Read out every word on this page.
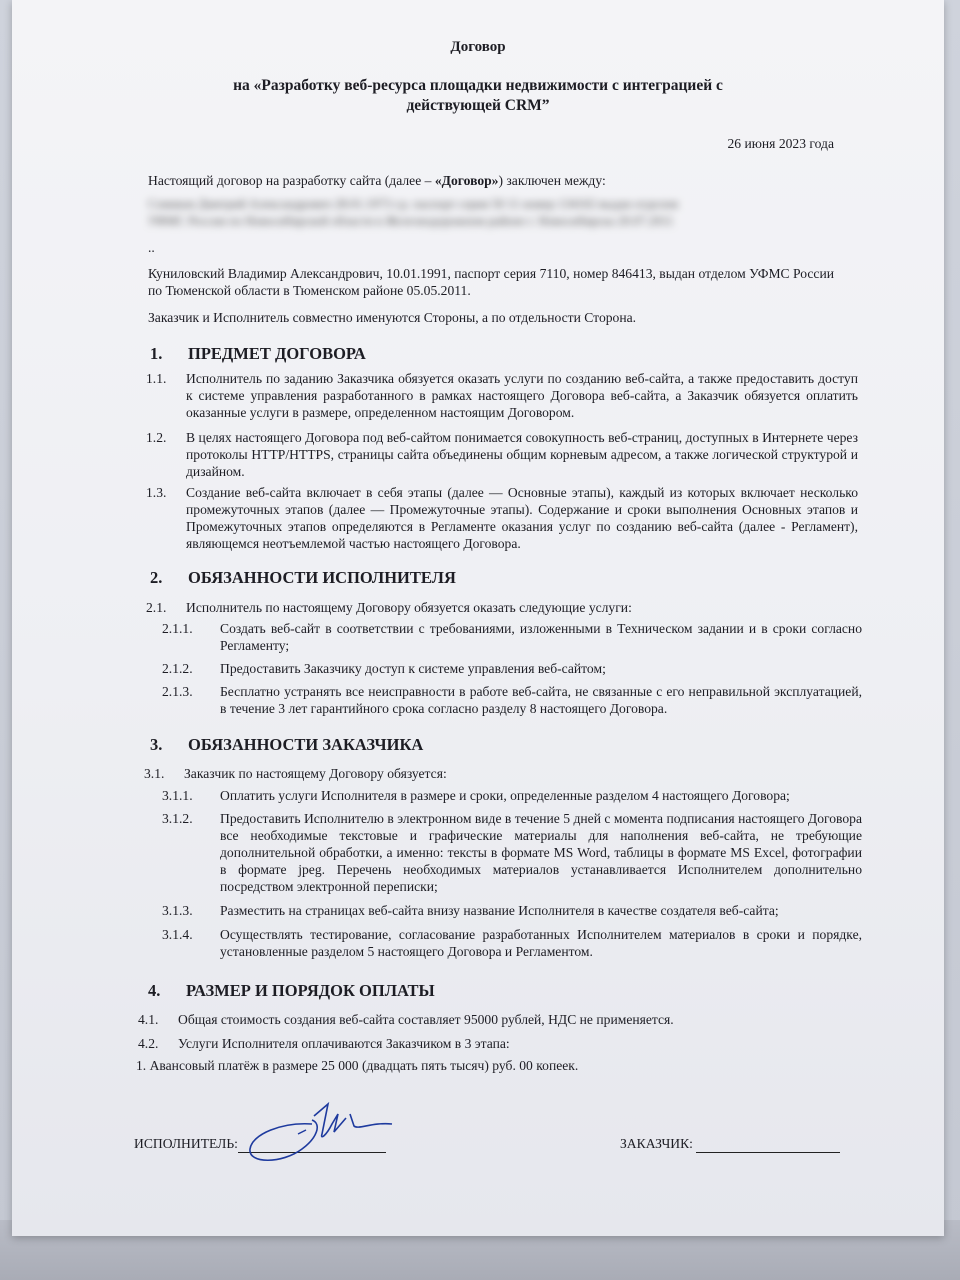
Договор
на «Разработку веб-ресурса площадки недвижимости с интеграцией с
действующей CRM”
26 июня 2023 года
Настоящий договор на разработку сайта (далее – «Договор») заключен между:
Сомиков Дмитрий Александрович 28.01.1973 г.р. паспорт серия 50 11 номер 134102 выдан отделом УФМС России по Новосибирской области в Железнодорожном районе г. Новосибирска 20.07.2011
..
Куниловский Владимир Александрович, 10.01.1991, паспорт серия 7110, номер 846413, выдан отделом УФМС России по Тюменской области в Тюменском районе 05.05.2011.
Заказчик и Исполнитель совместно именуются Стороны, а по отдельности Сторона.
1. ПРЕДМЕТ ДОГОВОРА
1.1. Исполнитель по заданию Заказчика обязуется оказать услуги по созданию веб-сайта, а также предоставить доступ к системе управления разработанного в рамках настоящего Договора веб-сайта, а Заказчик обязуется оплатить оказанные услуги в размере, определенном настоящим Договором.
1.2. В целях настоящего Договора под веб-сайтом понимается совокупность веб-страниц, доступных в Интернете через протоколы HTTP/HTTPS, страницы сайта объединены общим корневым адресом, а также логической структурой и дизайном.
1.3. Создание веб-сайта включает в себя этапы (далее — Основные этапы), каждый из которых включает несколько промежуточных этапов (далее — Промежуточные этапы). Содержание и сроки выполнения Основных этапов и Промежуточных этапов определяются в Регламенте оказания услуг по созданию веб-сайта (далее - Регламент), являющемся неотъемлемой частью настоящего Договора.
2. ОБЯЗАННОСТИ ИСПОЛНИТЕЛЯ
2.1. Исполнитель по настоящему Договору обязуется оказать следующие услуги:
2.1.1. Создать веб-сайт в соответствии с требованиями, изложенными в Техническом задании и в сроки согласно Регламенту;
2.1.2. Предоставить Заказчику доступ к системе управления веб-сайтом;
2.1.3. Бесплатно устранять все неисправности в работе веб-сайта, не связанные с его неправильной эксплуатацией, в течение 3 лет гарантийного срока согласно разделу 8 настоящего Договора.
3. ОБЯЗАННОСТИ ЗАКАЗЧИКА
3.1. Заказчик по настоящему Договору обязуется:
3.1.1. Оплатить услуги Исполнителя в размере и сроки, определенные разделом 4 настоящего Договора;
3.1.2. Предоставить Исполнителю в электронном виде в течение 5 дней с момента подписания настоящего Договора все необходимые текстовые и графические материалы для наполнения веб-сайта, не требующие дополнительной обработки, а именно: тексты в формате MS Word, таблицы в формате MS Excel, фотографии в формате jpeg. Перечень необходимых материалов устанавливается Исполнителем дополнительно посредством электронной переписки;
3.1.3. Разместить на страницах веб-сайта внизу название Исполнителя в качестве создателя веб-сайта;
3.1.4. Осуществлять тестирование, согласование разработанных Исполнителем материалов в сроки и порядке, установленные разделом 5 настоящего Договора и Регламентом.
4. РАЗМЕР И ПОРЯДОК ОПЛАТЫ
4.1. Общая стоимость создания веб-сайта составляет 95000 рублей, НДС не применяется.
4.2. Услуги Исполнителя оплачиваются Заказчиком в 3 этапа:
1. Авансовый платёж в размере 25 000 (двадцать пять тысяч) руб. 00 копеек.
ИСПОЛНИТЕЛЬ:	ЗАКАЗЧИК:
